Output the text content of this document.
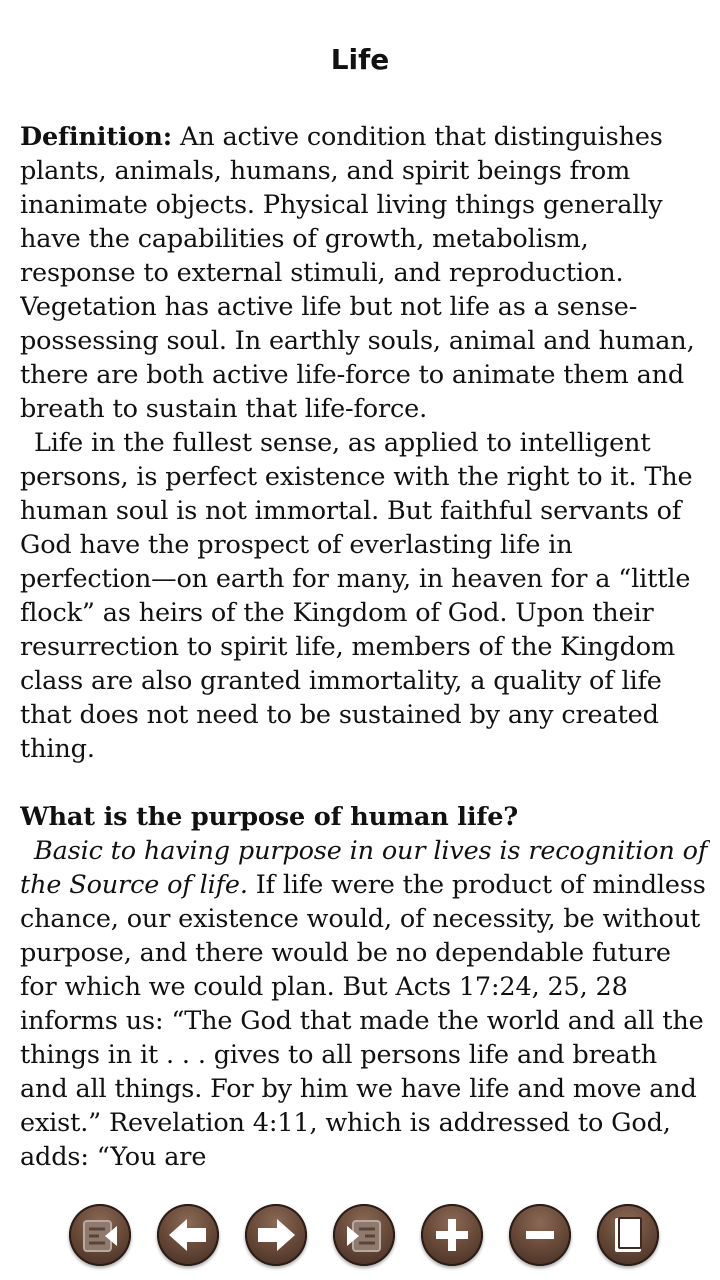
Life

Definition: An active condition that distinguishes plants, animals, humans, and spirit beings from inanimate objects. Physical living things generally have the capabilities of growth, metabolism, response to external stimuli, and reproduction. Vegetation has active life but not life as a sense-possessing soul. In earthly souls, animal and human, there are both active life-force to animate them and breath to sustain that life-force.

Life in the fullest sense, as applied to intelligent persons, is perfect existence with the right to it. The human soul is not immortal. But faithful servants of God have the prospect of everlasting life in perfection—on earth for many, in heaven for a “little flock” as heirs of the Kingdom of God. Upon their resurrection to spirit life, members of the Kingdom class are also granted immortality, a quality of life that does not need to be sustained by any created thing.

What is the purpose of human life?

Basic to having purpose in our lives is recognition of the Source of life. If life were the product of mindless chance, our existence would, of necessity, be without purpose, and there would be no dependable future for which we could plan. But Acts 17:24, 25, 28 informs us: “The God that made the world and all the things in it . . . gives to all persons life and breath and all things. For by him we have life and move and exist.” Revelation 4:11, which is addressed to God, adds: “You are
